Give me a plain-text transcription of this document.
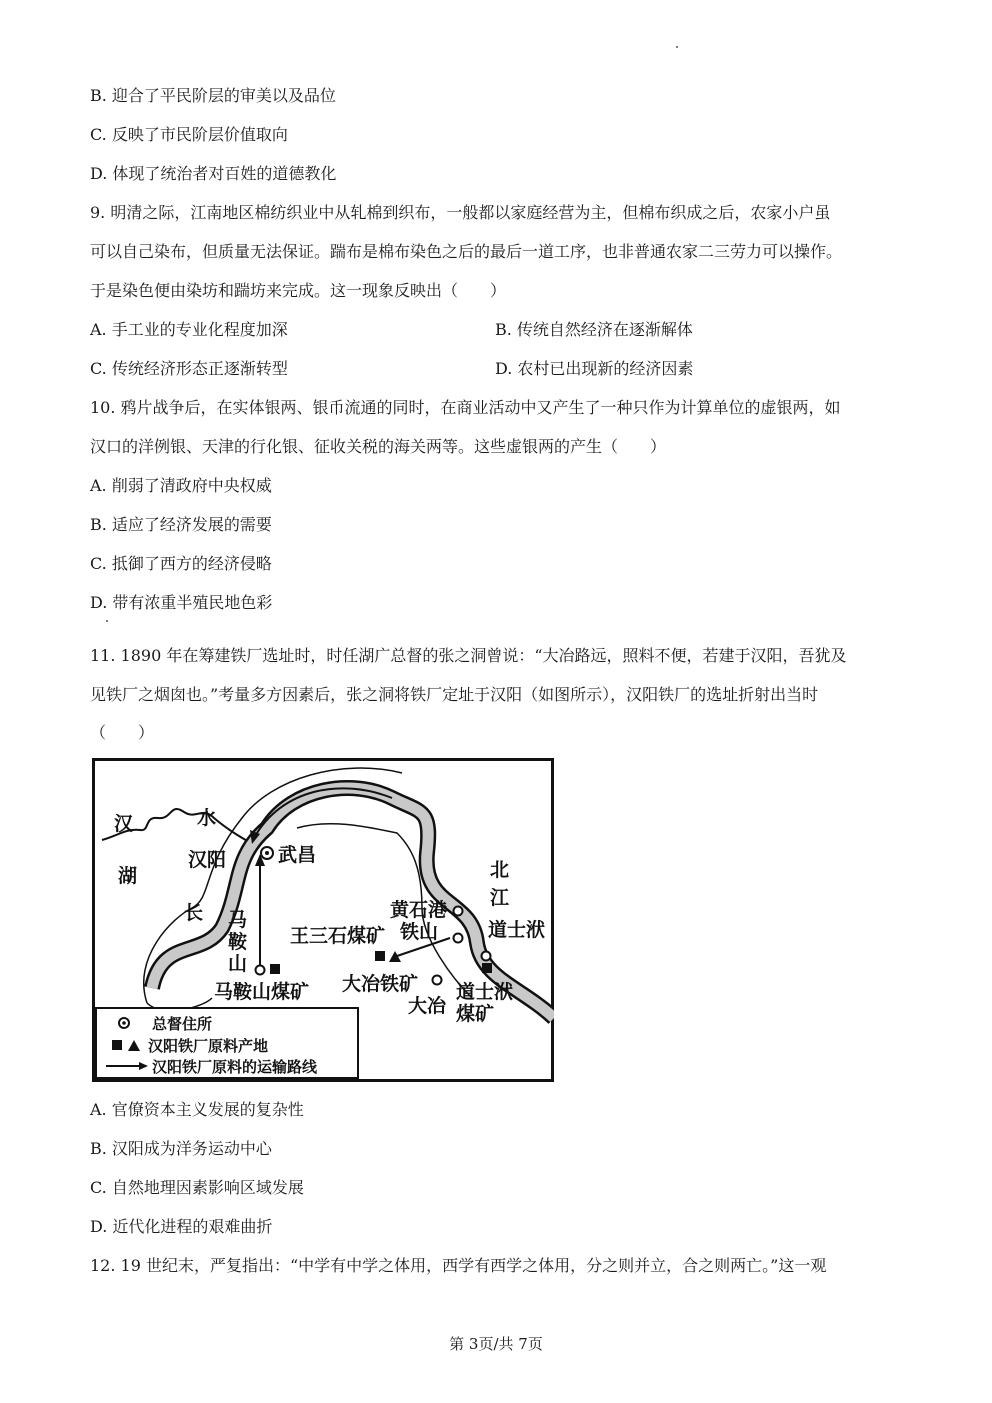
B. 迎合了平民阶层的审美以及品位
C. 反映了市民阶层价值取向
D. 体现了统治者对百姓的道德教化
9. 明清之际，江南地区棉纺织业中从轧棉到织布，一般都以家庭经营为主，但棉布织成之后，农家小户虽
可以自己染布，但质量无法保证。踹布是棉布染色之后的最后一道工序，也非普通农家二三劳力可以操作。
于是染色便由染坊和踹坊来完成。这一现象反映出（　　）
A. 手工业的专业化程度加深	B. 传统自然经济在逐渐解体
C. 传统经济形态正逐渐转型	D. 农村已出现新的经济因素
10. 鸦片战争后，在实体银两、银币流通的同时，在商业活动中又产生了一种只作为计算单位的虚银两，如
汉口的洋例银、天津的行化银、征收关税的海关两等。这些虚银两的产生（　　）
A. 削弱了清政府中央权威
B. 适应了经济发展的需要
C. 抵御了西方的经济侵略
D. 带有浓重半殖民地色彩
11. 1890 年在筹建铁厂选址时，时任湖广总督的张之洞曾说：“大冶路远，照料不便，若建于汉阳，吾犹及
见铁厂之烟囱也。”考量多方因素后，张之洞将铁厂定址于汉阳（如图所示），汉阳铁厂的选址折射出当时
（　　）
汉	水
湖
汉阳	武昌
长 马
鞍
山
马鞍山煤矿
王三石煤矿
黄石港
铁山
大冶铁矿
大冶
北
江
道士洑
道士洑
煤矿
总督住所
汉阳铁厂原料产地
汉阳铁厂原料的运输路线
A. 官僚资本主义发展的复杂性
B. 汉阳成为洋务运动中心
C. 自然地理因素影响区域发展
D. 近代化进程的艰难曲折
12. 19 世纪末，严复指出：“中学有中学之体用，西学有西学之体用，分之则并立，合之则两亡。”这一观
第 3页/共 7页
